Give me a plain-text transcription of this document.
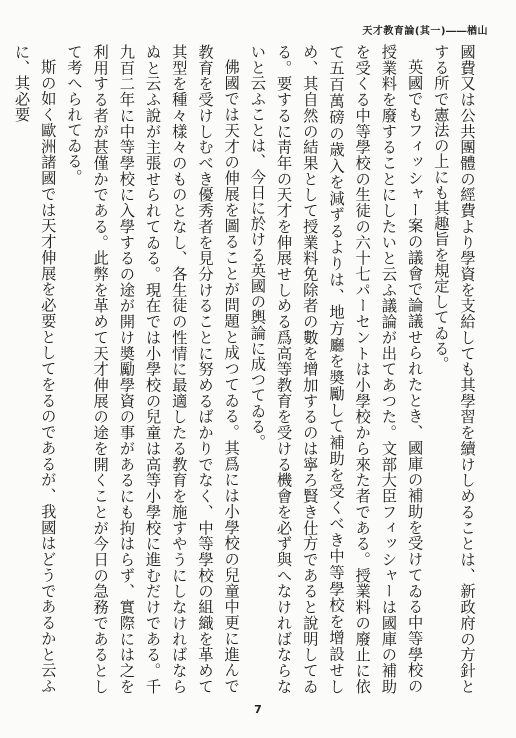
天才教育論(其一)――楢山

國費又は公共團體の經費より學資を支給しても其學習を續けしめることは、新政府の方針とする所で憲法の上にも其趣旨を規定してゐる。

英國でもフィッシャー案の議會で論議せられたとき、國庫の補助を受けてゐる中等學校の授業料を廢することにしたいと云ふ議論が出てあつた。文部大臣フィッシャーは國庫の補助を受くる中等學校の生徒の六十七パーセントは小學校から來た者である。授業料の廢止に依て五百萬磅の歳入を減ずるよりは、地方廳を奬勵して補助を受くべき中等學校を增設せしめ、其自然の結果として授業料免除者の數を增加するのは寧ろ賢き仕方であると說明してゐる。要するに靑年の天才を伸展せしめる爲高等教育を受ける機會を必ず與へなければならないと云ふことは、今日に於ける英國の輿論に成つてゐる。

佛國では天才の伸展を圖ることが問題と成つてゐる。其爲には小學校の兒童中更に進んで教育を受けしむべき優秀者を見分けることに努めるばかりでなく、中等學校の組織を革めて其型を種々樣々のものとなし、各生徒の性情に最適したる教育を施すやうにしなければならぬと云ふ說が主張せられてゐる。現在では小學校の兒童は高等小學校に進むだけである。千九百二年に中等學校に入學するの途が開け奬勵學資の事があるにも拘はらず、實際には之を利用する者が甚僅かである。此弊を革めて天才伸展の途を開くことが今日の急務であるとして考へられてゐる。

斯の如く歐洲諸國では天才伸展を必要としてをるのであるが、我國はどうであるかと云ふに、其必要

7
